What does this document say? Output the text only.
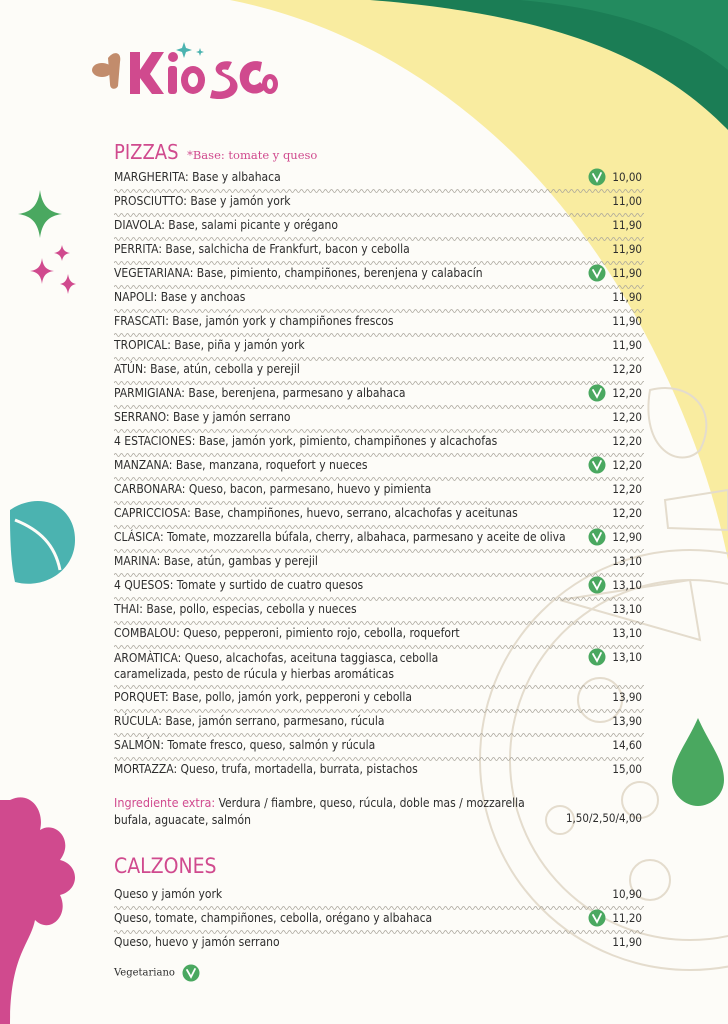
PIZZAS *Base: tomate y queso
MARGHERITA: Base y albahaca	10,00
PROSCIUTTO: Base y jamón york	11,00
DIAVOLA: Base, salami picante y orégano	11,90
PERRITA: Base, salchicha de Frankfurt, bacon y cebolla	11,90
VEGETARIANA: Base, pimiento, champiñones, berenjena y calabacín	11,90
NAPOLI: Base y anchoas	11,90
FRASCATI: Base, jamón york y champiñones frescos	11,90
TROPICAL: Base, piña y jamón york	11,90
ATÚN: Base, atún, cebolla y perejil	12,20
PARMIGIANA: Base, berenjena, parmesano y albahaca	12,20
SERRANO: Base y jamón serrano	12,20
4 ESTACIONES: Base, jamón york, pimiento, champiñones y alcachofas	12,20
MANZANA: Base, manzana, roquefort y nueces	12,20
CARBONARA: Queso, bacon, parmesano, huevo y pimienta	12,20
CAPRICCIOSA: Base, champiñones, huevo, serrano, alcachofas y aceitunas	12,20
CLÁSICA: Tomate, mozzarella búfala, cherry, albahaca, parmesano y aceite de oliva	12,90
MARINA: Base, atún, gambas y perejil	13,10
4 QUESOS: Tomate y surtido de cuatro quesos	13,10
THAI: Base, pollo, especias, cebolla y nueces	13,10
COMBALOU: Queso, pepperoni, pimiento rojo, cebolla, roquefort	13,10
AROMÀTICA: Queso, alcachofas, aceituna taggiasca, cebolla caramelizada, pesto de rúcula y hierbas aromáticas
13,10
PORQUET: Base, pollo, jamón york, pepperoni y cebolla	13,90
RÚCULA: Base, jamón serrano, parmesano, rúcula	13,90
SALMÓN: Tomate fresco, queso, salmón y rúcula	14,60
MORTAZZA: Queso, trufa, mortadella, burrata, pistachos	15,00
Ingrediente extra: Verdura / fiambre, queso, rúcula, doble mas / mozzarella bufala, aguacate, salmón	1,50/2,50/4,00
CALZONES
Queso y jamón york	10,90
Queso, tomate, champiñones, cebolla, orégano y albahaca	11,20
Queso, huevo y jamón serrano	11,90
Vegetariano
